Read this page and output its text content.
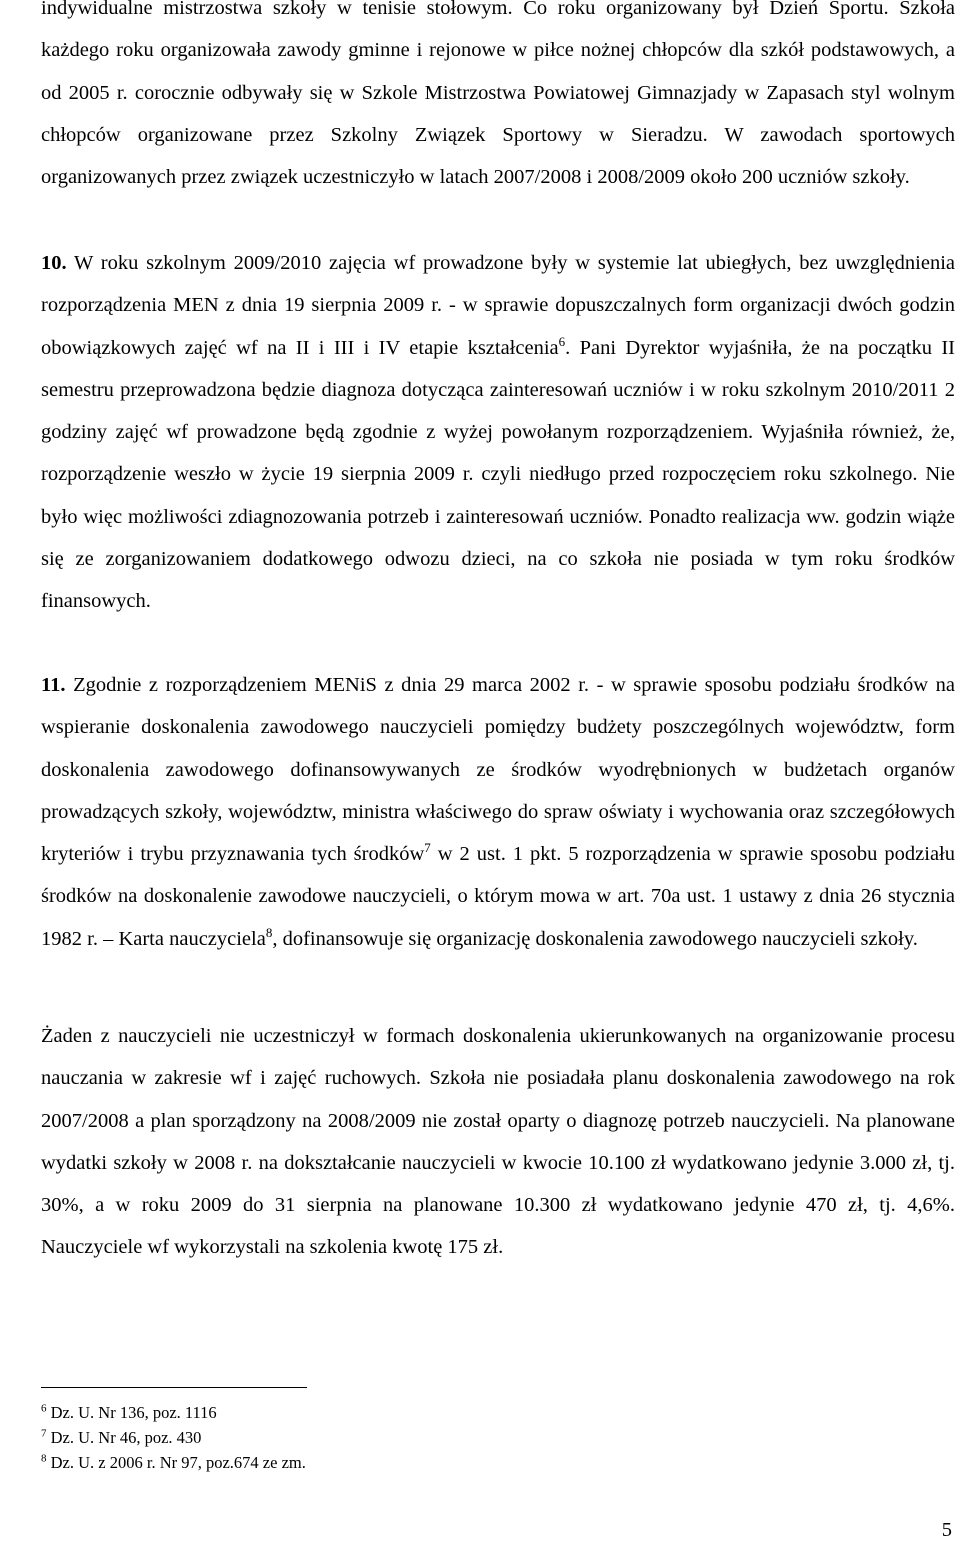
indywidualne mistrzostwa szkoły w tenisie stołowym. Co roku organizowany był Dzień Sportu. Szkoła każdego roku organizowała zawody gminne i rejonowe w piłce nożnej chłopców dla szkół podstawowych, a od 2005 r. corocznie odbywały się w Szkole Mistrzostwa Powiatowej Gimnazjady w Zapasach styl wolnym chłopców organizowane przez Szkolny Związek Sportowy w Sieradzu. W zawodach sportowych organizowanych przez związek uczestniczyło w latach 2007/2008 i 2008/2009 około 200 uczniów szkoły.

10. W roku szkolnym 2009/2010 zajęcia wf prowadzone były w systemie lat ubiegłych, bez uwzględnienia rozporządzenia MEN z dnia 19 sierpnia 2009 r. - w sprawie dopuszczalnych form organizacji dwóch godzin obowiązkowych zajęć wf na II i III i IV etapie kształcenia$^6$. Pani Dyrektor wyjaśniła, że na początku II semestru przeprowadzona będzie diagnoza dotycząca zainteresowań uczniów i w roku szkolnym 2010/2011 2 godziny zajęć wf prowadzone będą zgodnie z wyżej powołanym rozporządzeniem. Wyjaśniła również, że, rozporządzenie weszło w życie 19 sierpnia 2009 r. czyli niedługo przed rozpoczęciem roku szkolnego. Nie było więc możliwości zdiagnozowania potrzeb i zainteresowań uczniów. Ponadto realizacja ww. godzin wiąże się ze zorganizowaniem dodatkowego odwozu dzieci, na co szkoła nie posiada w tym roku środków finansowych.

11. Zgodnie z rozporządzeniem MENiS z dnia 29 marca 2002 r. - w sprawie sposobu podziału środków na wspieranie doskonalenia zawodowego nauczycieli pomiędzy budżety poszczególnych województw, form doskonalenia zawodowego dofinansowywanych ze środków wyodrębnionych w budżetach organów prowadzących szkoły, województw, ministra właściwego do spraw oświaty i wychowania oraz szczegółowych kryteriów i trybu przyznawania tych środków$^7$ w 2 ust. 1 pkt. 5 rozporządzenia w sprawie sposobu podziału środków na doskonalenie zawodowe nauczycieli, o którym mowa w art. 70a ust. 1 ustawy z dnia 26 stycznia 1982 r. – Karta nauczyciela$^8$, dofinansowuje się organizację doskonalenia zawodowego nauczycieli szkoły.

Żaden z nauczycieli nie uczestniczył w formach doskonalenia ukierunkowanych na organizowanie procesu nauczania w zakresie wf i zajęć ruchowych. Szkoła nie posiadała planu doskonalenia zawodowego na rok 2007/2008 a plan sporządzony na 2008/2009 nie został oparty o diagnozę potrzeb nauczycieli. Na planowane wydatki szkoły w 2008 r. na dokształcanie nauczycieli w kwocie 10.100 zł wydatkowano jedynie 3.000 zł, tj. 30%, a w roku 2009 do 31 sierpnia na planowane 10.300 zł wydatkowano jedynie 470 zł, tj. 4,6%. Nauczyciele wf wykorzystali na szkolenia kwotę 175 zł.

$^6$ Dz. U. Nr 136, poz. 1116

$^7$ Dz. U. Nr 46, poz. 430

$^8$ Dz. U. z 2006 r. Nr 97, poz.674 ze zm.

5
